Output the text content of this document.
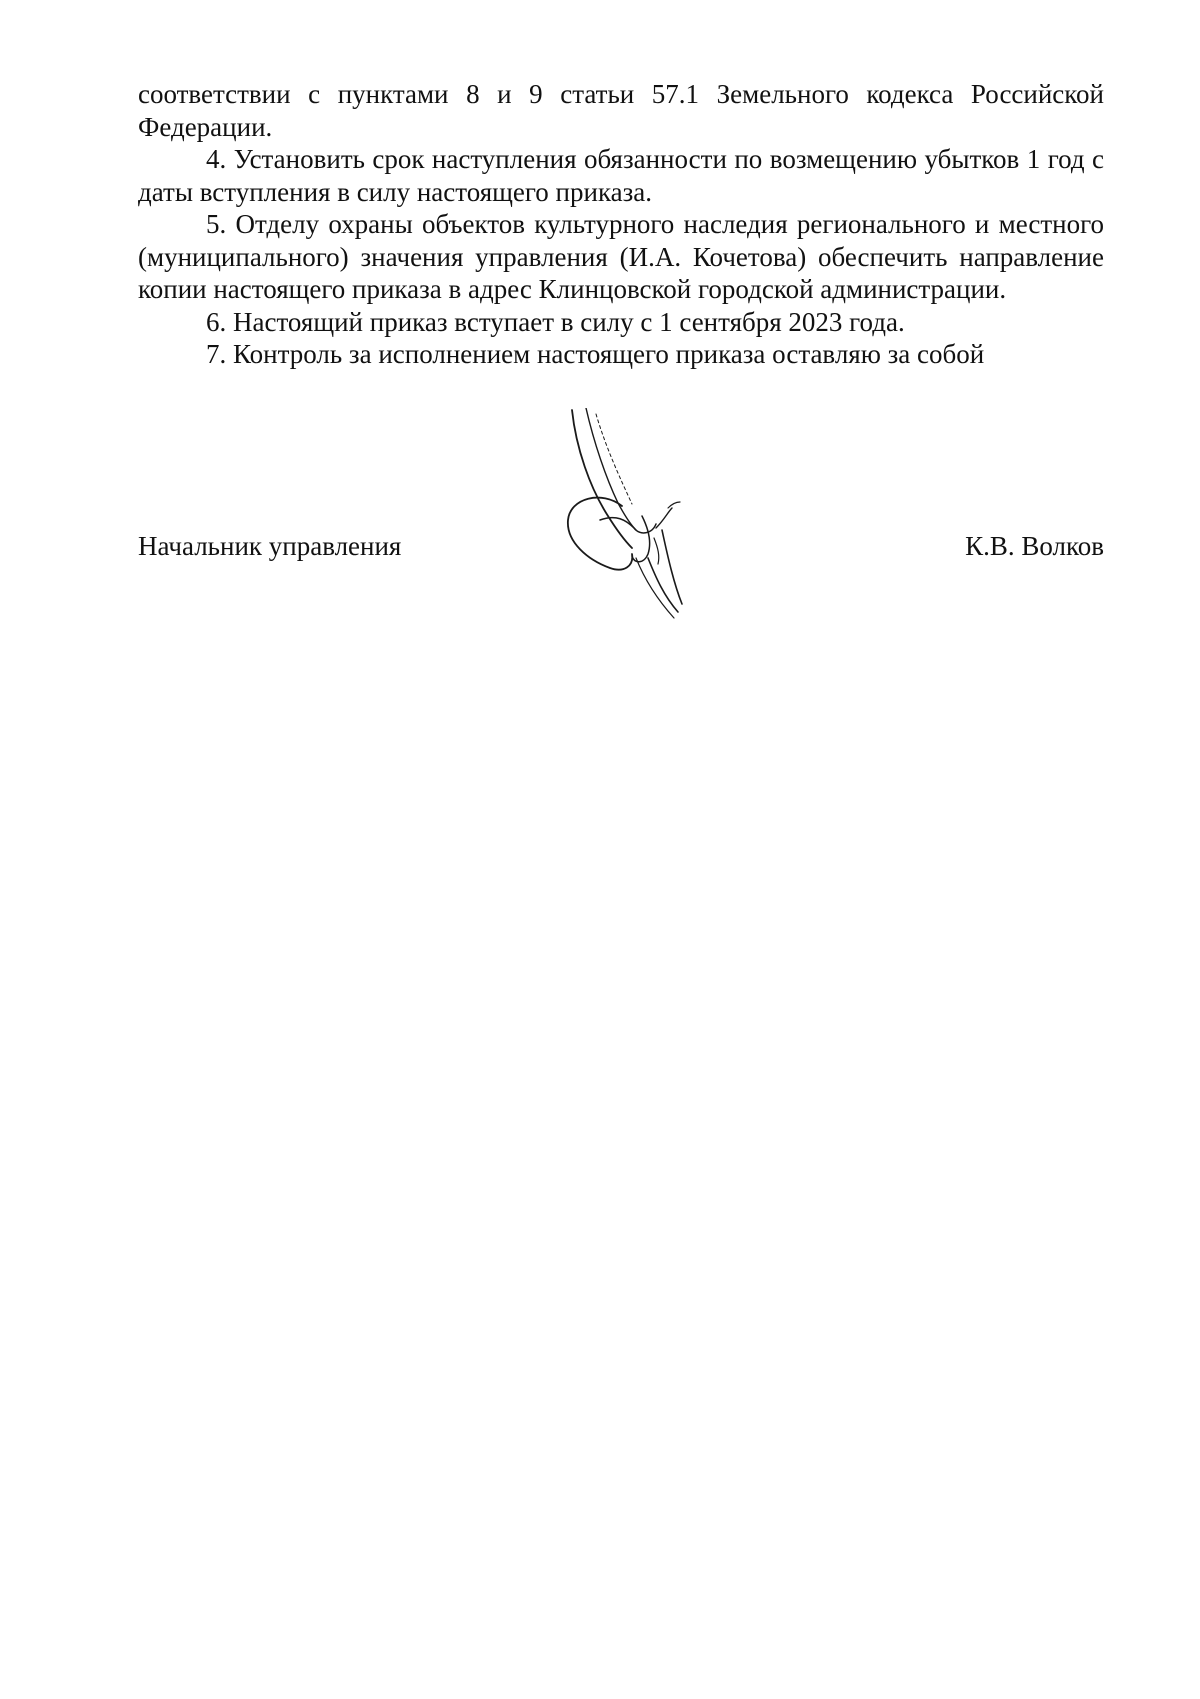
соответствии с пунктами 8 и 9 статьи 57.1 Земельного кодекса Российской Федерации.

4. Установить срок наступления обязанности по возмещению убытков 1 год с даты вступления в силу настоящего приказа.

5. Отделу охраны объектов культурного наследия регионального и местного (муниципального) значения управления (И.А. Кочетова) обеспечить направление копии настоящего приказа в адрес Клинцовской городской администрации.

6. Настоящий приказ вступает в силу с 1 сентября 2023 года.

7. Контроль за исполнением настоящего приказа оставляю за собой

Начальник управления	К.В. Волков
